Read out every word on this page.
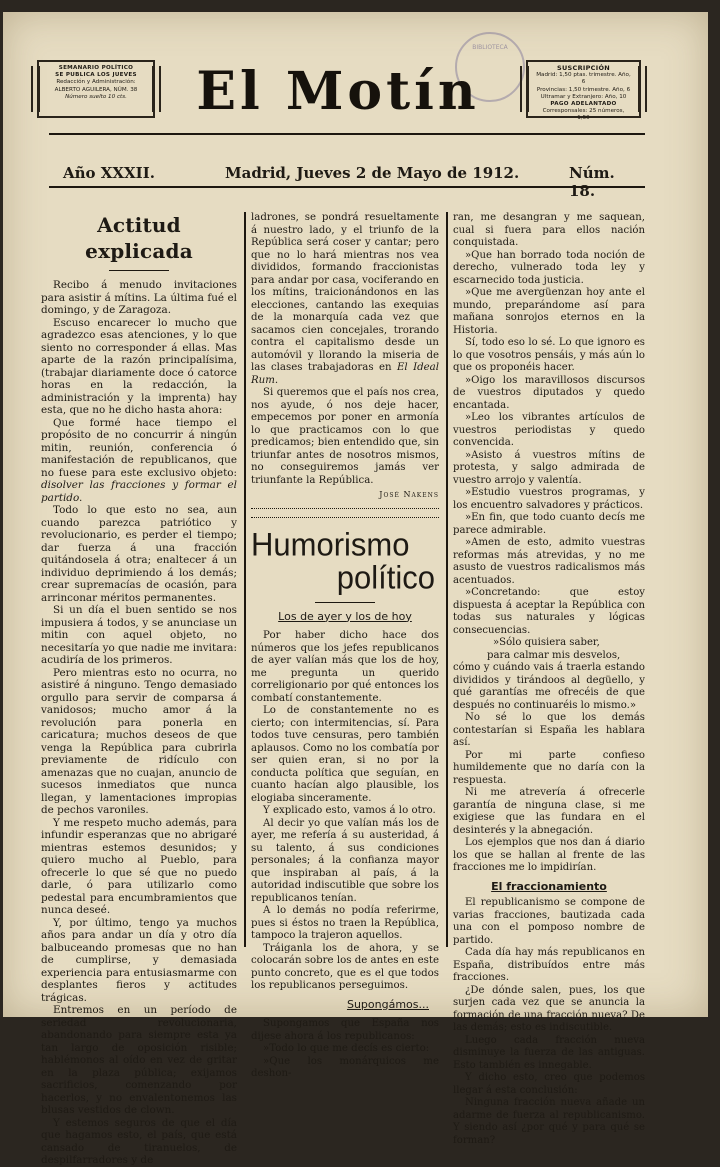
SEMANARIO POLÍTICO
SE PUBLICA LOS JUEVES
Redacción y Administración:
ALBERTO AGUILERA, NÚM. 38
Número suelto 10 cts.
BIBLIOTECA
El Motín	SUSCRIPCIÓN
Madrid: 1,50 ptas. trimestre. Año, 6
Provincias: 1,50 trimestre. Año, 6
Ultramar y Extranjero: Año, 10
PAGO ADELANTADO
Corresponsales: 25 números, 1,50
Año XXXII.	Madrid, Jueves 2 de Mayo de 1912.	Núm. 18.
Actitud explicada

Recibo á menudo invitaciones para asistir á mítins. La última fué el domingo, y de Zaragoza.

Escuso encarecer lo mucho que agradezco esas atenciones, y lo que siento no corresponder á ellas. Mas aparte de la razón principalísima, (trabajar diariamente doce ó catorce horas en la redacción, la administración y la imprenta) hay esta, que no he dicho hasta ahora:

Que formé hace tiempo el propósito de no concurrir á ningún mitin, reunión, conferencia ó manifestación de republicanos, que no fuese para este exclusivo objeto: disolver las fracciones y formar el partido.

Todo lo que esto no sea, aun cuando parezca patriótico y revolucionario, es perder el tiempo; dar fuerza á una fracción quitándosela á otra; enaltecer á un individuo deprimiendo á los demás; crear supremacías de ocasión, para arrinconar méritos permanentes.

Si un día el buen sentido se nos impusiera á todos, y se anunciase un mitin con aquel objeto, no necesitaría yo que nadie me invitara: acudiría de los primeros.

Pero mientras esto no ocurra, no asistiré á ninguno. Tengo demasiado orgullo para servir de comparsa á vanidosos; mucho amor á la revolución para ponerla en caricatura; muchos deseos de que venga la República para cubrirla previamente de ridículo con amenazas que no cuajan, anuncio de sucesos inmediatos que nunca llegan, y lamentaciones impropias de pechos varoniles.

Y me respeto mucho además, para infundir esperanzas que no abrigaré mientras estemos desunidos; y quiero mucho al Pueblo, para ofrecerle lo que sé que no puedo darle, ó para utilizarlo como pedestal para encumbramientos que nunca deseé.

Y, por último, tengo ya muchos años para andar un día y otro día balbuceando promesas que no han de cumplirse, y demasiada experiencia para entusiasmarme con desplantes fieros y actitudes trágicas.

Entremos en un período de seriedad revolucionaria, abandonando para siempre esta ya tan largo de oposición risible; hablémonos al oído en vez de gritar en la plaza pública; exijamos sacrificios, comenzando por hacerlos, y no envalentonemos las blusas vestidos de clown.

Y estemos seguros de que el día que hagamos esto, el país, que está cansado de tiranuelos, de despilfarradores y de

ladrones, se pondrá resueltamente á nuestro lado, y el triunfo de la República será coser y cantar; pero que no lo hará mientras nos vea divididos, formando fraccionistas para andar por casa, vociferando en los mítins, traicionándonos en las elecciones, cantando las exequias de la monarquía cada vez que sacamos cien concejales, trorando contra el capitalismo desde un automóvil y llorando la miseria de las clases trabajadoras en El Ideal Rum.

Si queremos que el país nos crea, nos ayude, ó nos deje hacer, empecemos por poner en armonía lo que practicamos con lo que predicamos; bien entendido que, sin triunfar antes de nosotros mismos, no conseguiremos jamás ver triunfante la República.

José Nakens
Humorismo
político
Los de ayer y los de hoy

Por haber dicho hace dos números que los jefes republicanos de ayer valían más que los de hoy, me pregunta un querido correligionario por qué entonces los combatí constantemente.

Lo de constantemente no es cierto; con intermitencias, sí. Para todos tuve censuras, pero también aplausos. Como no los combatía por ser quien eran, si no por la conducta política que seguían, en cuanto hacían algo plausible, los elogiaba sinceramente.

Y explicado esto, vamos á lo otro.

Al decir yo que valían más los de ayer, me refería á su austeridad, á su talento, á sus condiciones personales; á la confianza mayor que inspiraban al país, á la autoridad indiscutible que sobre los republicanos tenían.

A lo demás no podía referirme, pues si éstos no traen la República, tampoco la trajeron aquellos.

Tráiganla los de ahora, y se colocarán sobre los de antes en este punto concreto, que es el que todos los republicanos perseguimos.

Supongámos...

Supongamos que España nos dijese ahora á los republicanos:

»Todo lo que me decís es cierto:

»Que los monárquicos me deshon-

ran, me desangran y me saquean, cual si fuera para ellos nación conquistada.

»Que han borrado toda noción de derecho, vulnerado toda ley y escarnecido toda justicia.

»Que me avergüenzan hoy ante el mundo, preparándome así para mañana sonrojos eternos en la Historia.

Sí, todo eso lo sé. Lo que ignoro es lo que vosotros pensáis, y más aún lo que os proponéis hacer.

»Oigo los maravillosos discursos de vuestros diputados y quedo encantada.

»Leo los vibrantes artículos de vuestros periodistas y quedo convencida.

»Asisto á vuestros mítins de protesta, y salgo admirada de vuestro arrojo y valentía.

»Estudio vuestros programas, y los encuentro salvadores y prácticos.

»En fin, que todo cuanto decís me parece admirable.

»Amen de esto, admito vuestras reformas más atrevidas, y no me asusto de vuestros radicalismos más acentuados.

»Concretando: que estoy dispuesta á aceptar la República con todas sus naturales y lógicas consecuencias.

»Sólo quisiera saber,

para calmar mis desvelos,

cómo y cuándo vais á traerla estando divididos y tirándoos al degüello, y qué garantías me ofrecéis de que después no continuaréis lo mismo.»

No sé lo que los demás contestarían si España les hablara así.

Por mi parte confieso humildemente que no daría con la respuesta.

Ni me atrevería á ofrecerle garantía de ninguna clase, si me exigiese que las fundara en el desinterés y la abnegación.

Los ejemplos que nos dan á diario los que se hallan al frente de las fracciones me lo impidirían.

El fraccionamiento

El republicanismo se compone de varias fracciones, bautizada cada una con el pomposo nombre de partido.

Cada día hay más republicanos en España, distribuídos entre más fracciones.

¿De dónde salen, pues, los que surjen cada vez que se anuncia la formación de una fracción nueva? De las demás; esto es indiscutible.

Luego cada fracción nueva disminuye la fuerza de las antiguas. Esto también es innegable.

Y dicho esto, creo que podemos llegar á esta conclusión:

Ninguna fracción nueva añade un adarme de fuerza al republicanismo. Y siendo así ¿por qué y para qué se forman?
